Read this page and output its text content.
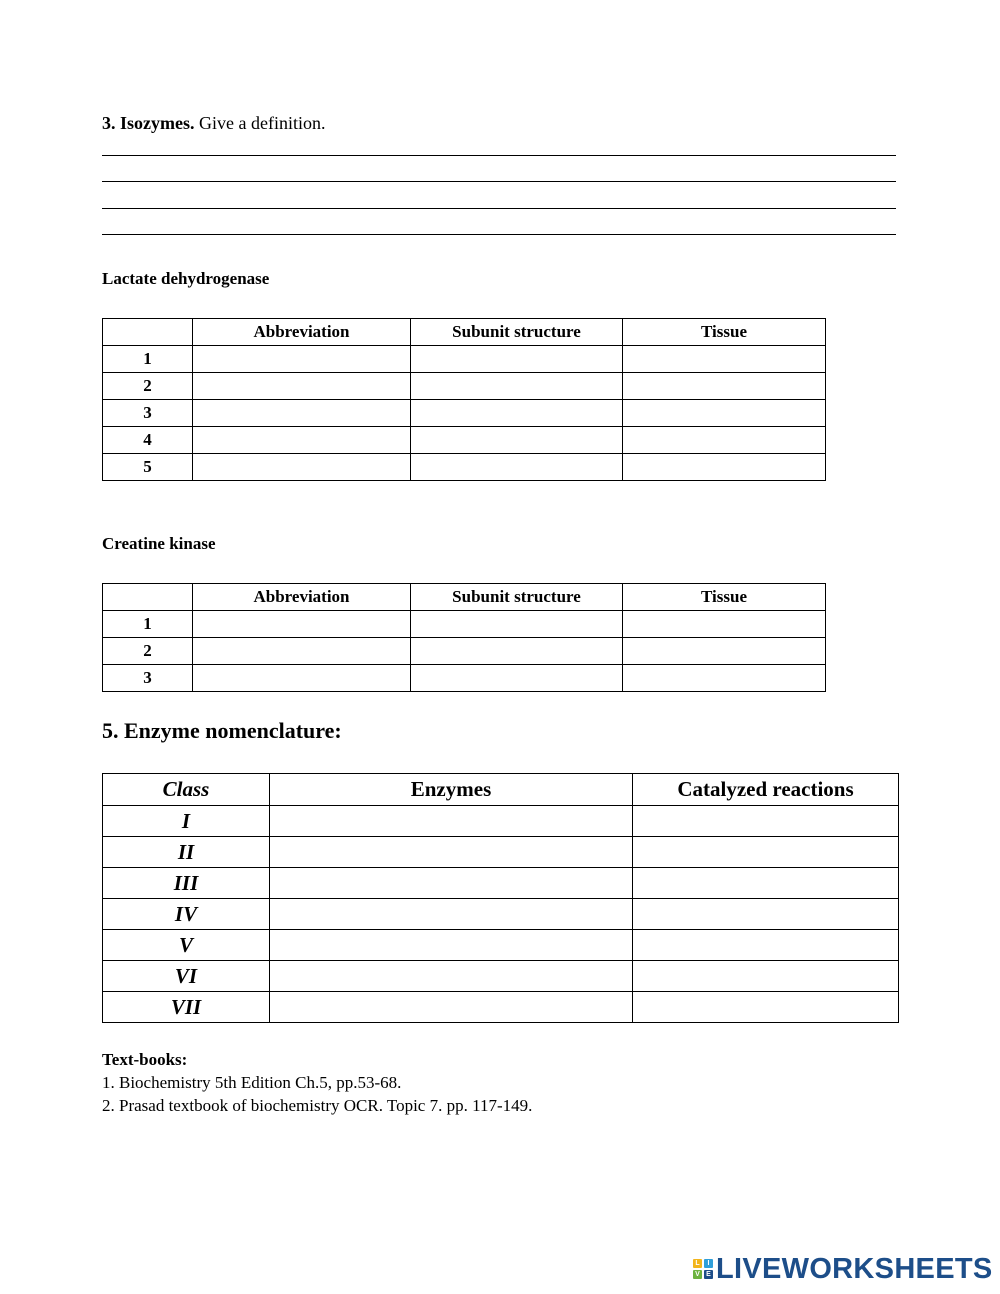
3. Isozymes. Give a definition.
Lactate dehydrogenase
	Abbreviation	Subunit structure	Tissue
1			
2			
3			
4			
5			
Creatine kinase
	Abbreviation	Subunit structure	Tissue
1			
2			
3			
5. Enzyme nomenclature:
Class	Enzymes	Catalyzed reactions
I		
II		
III		
IV		
V		
VI		
VII		
Text-books:
1. Biochemistry 5th Edition Ch.5, pp.53-68.
2. Prasad textbook of biochemistry OCR. Topic 7. pp. 117-149.
L	I
V E LIVEWORKSHEETS
